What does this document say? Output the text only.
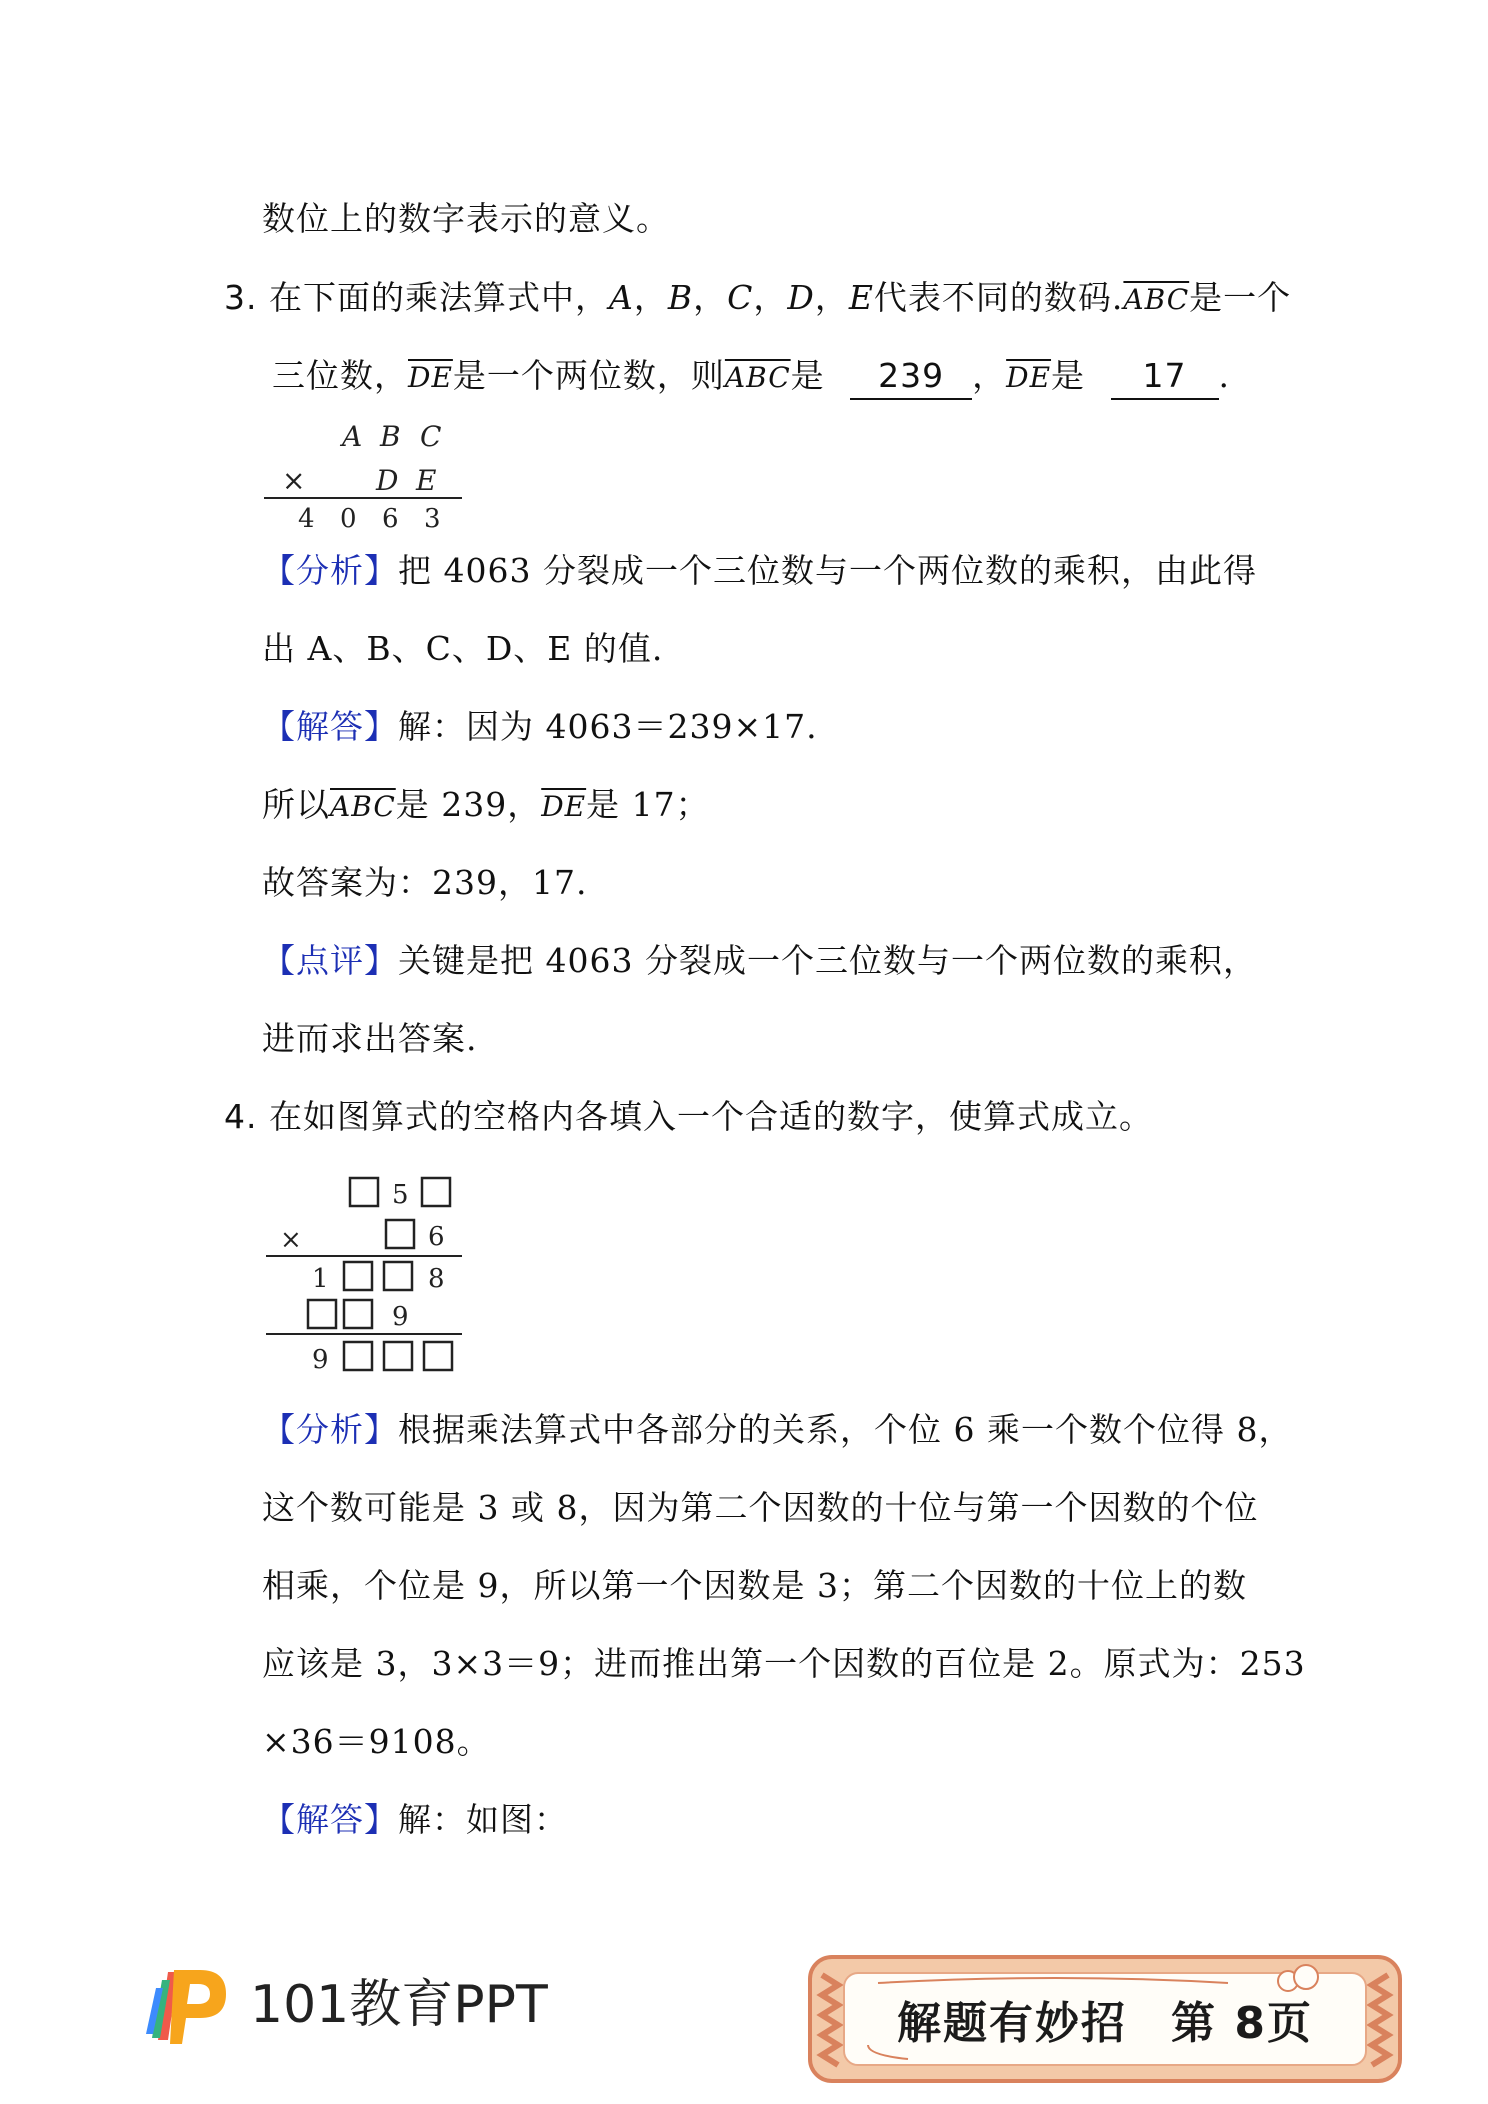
数位上的数字表示的意义。
3. 在下面的乘法算式中，A，B，C，D，E代表不同的数码$.\overline{ABC}$是一个
三位数，$\overline{DE}$是一个两位数，则$\overline{ABC}$是 239 ，$\overline{DE}$是 17 .
A B C
×	D E
4 0 6 3
【分析】把 4063 分裂成一个三位数与一个两位数的乘积，由此得
出 A、B、C、D、E 的值.
【解答】解：因为 4063＝239×17.
所以$\overline{ABC}$是 239，$\overline{DE}$是 17；
故答案为：239，17.
【点评】关键是把 4063 分裂成一个三位数与一个两位数的乘积，
进而求出答案.
4. 在如图算式的空格内各填入一个合适的数字，使算式成立。
5
×	6
1	8
9
9
【分析】根据乘法算式中各部分的关系，个位 6 乘一个数个位得 8，
这个数可能是 3 或 8，因为第二个因数的十位与第一个因数的个位
相乘，个位是 9，所以第一个因数是 3；第二个因数的十位上的数
应该是 3，3×3＝9；进而推出第一个因数的百位是 2。原式为：253
×36＝9108。
【解答】解：如图：
101教育PPT	解题有妙招 第 8页
